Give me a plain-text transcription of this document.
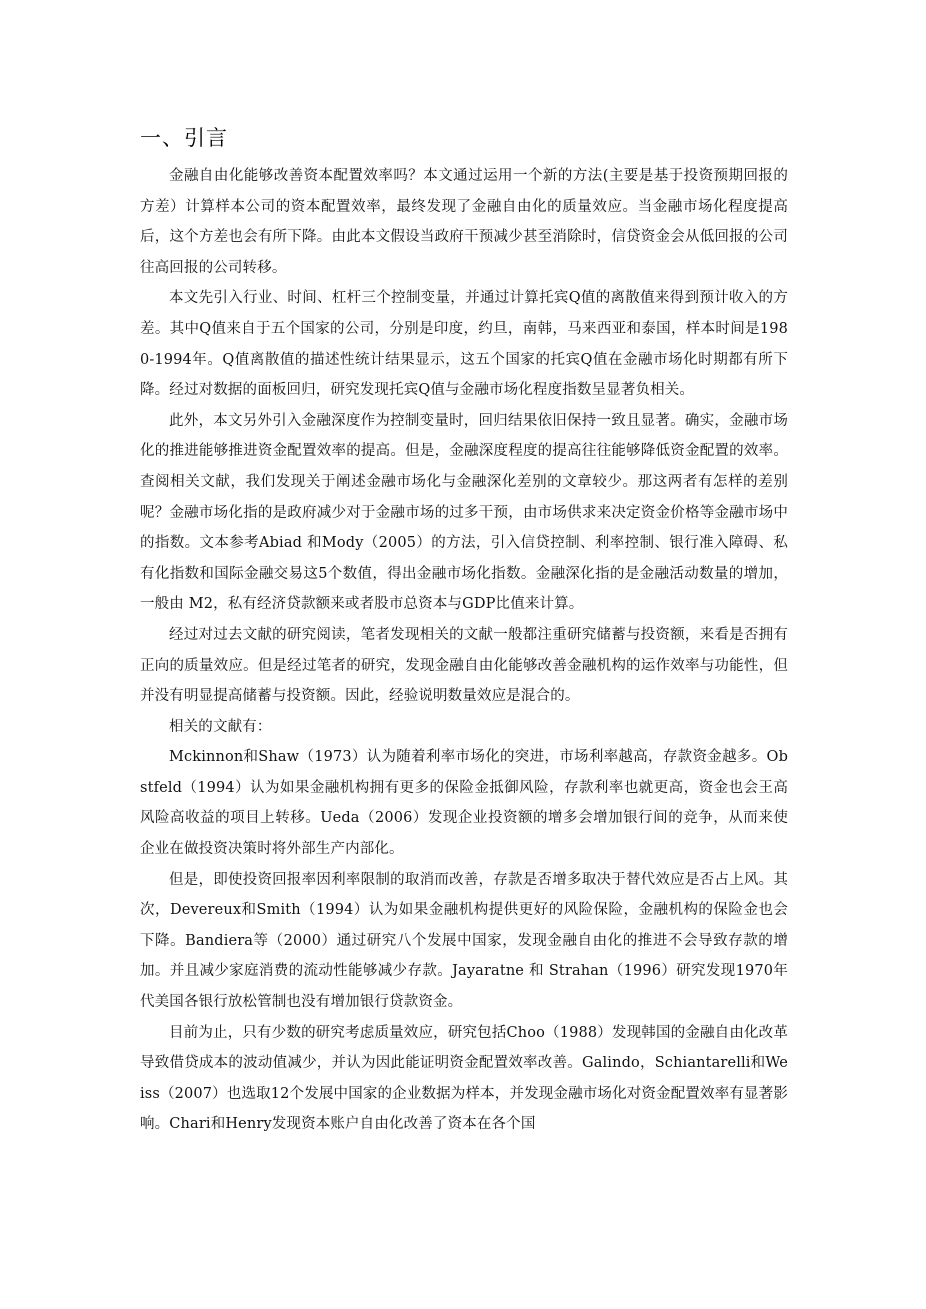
一、引言

金融自由化能够改善资本配置效率吗？本文通过运用一个新的方法(主要是基于投资预期回报的方差）计算样本公司的资本配置效率，最终发现了金融自由化的质量效应。当金融市场化程度提高后，这个方差也会有所下降。由此本文假设当政府干预减少甚至消除时，信贷资金会从低回报的公司往高回报的公司转移。

本文先引入行业、时间、杠杆三个控制变量，并通过计算托宾Q值的离散值来得到预计收入的方差。其中Q值来自于五个国家的公司，分别是印度，约旦，南韩，马来西亚和泰国，样本时间是1980-1994年。Q值离散值的描述性统计结果显示，这五个国家的托宾Q值在金融市场化时期都有所下降。经过对数据的面板回归，研究发现托宾Q值与金融市场化程度指数呈显著负相关。

此外，本文另外引入金融深度作为控制变量时，回归结果依旧保持一致且显著。确实，金融市场化的推进能够推进资金配置效率的提高。但是，金融深度程度的提高往往能够降低资金配置的效率。查阅相关文献，我们发现关于阐述金融市场化与金融深化差别的文章较少。那这两者有怎样的差别呢？金融市场化指的是政府减少对于金融市场的过多干预，由市场供求来决定资金价格等金融市场中的指数。文本参考Abiad 和Mody（2005）的方法，引入信贷控制、利率控制、银行准入障碍、私有化指数和国际金融交易这5个数值，得出金融市场化指数。金融深化指的是金融活动数量的增加，一般由 M2，私有经济贷款额来或者股市总资本与GDP比值来计算。

经过对过去文献的研究阅读，笔者发现相关的文献一般都注重研究储蓄与投资额，来看是否拥有正向的质量效应。但是经过笔者的研究，发现金融自由化能够改善金融机构的运作效率与功能性，但并没有明显提高储蓄与投资额。因此，经验说明数量效应是混合的。

相关的文献有：

Mckinnon和Shaw（1973）认为随着利率市场化的突进，市场利率越高，存款资金越多。Obstfeld（1994）认为如果金融机构拥有更多的保险金抵御风险，存款利率也就更高，资金也会王高风险高收益的项目上转移。Ueda（2006）发现企业投资额的增多会增加银行间的竞争，从而来使企业在做投资决策时将外部生产内部化。

但是，即使投资回报率因利率限制的取消而改善，存款是否增多取决于替代效应是否占上风。其次，Devereux和Smith（1994）认为如果金融机构提供更好的风险保险，金融机构的保险金也会下降。Bandiera等（2000）通过研究八个发展中国家，发现金融自由化的推进不会导致存款的增加。并且减少家庭消费的流动性能够减少存款。Jayaratne 和 Strahan（1996）研究发现1970年代美国各银行放松管制也没有增加银行贷款资金。

目前为止，只有少数的研究考虑质量效应，研究包括Choo（1988）发现韩国的金融自由化改革导致借贷成本的波动值减少，并认为因此能证明资金配置效率改善。Galindo，Schiantarelli和Weiss（2007）也选取12个发展中国家的企业数据为样本，并发现金融市场化对资金配置效率有显著影响。Chari和Henry发现资本账户自由化改善了资本在各个国
